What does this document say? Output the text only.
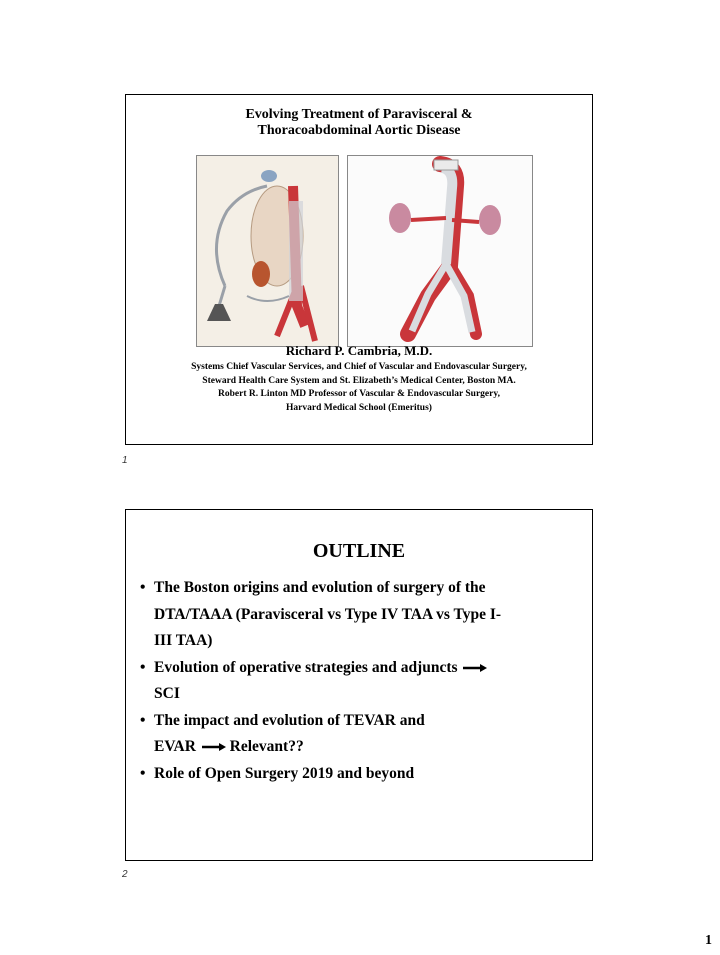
Evolving Treatment of Paravisceral &
Thoracoabdominal Aortic Disease
Richard P. Cambria, M.D.
Systems Chief Vascular Services, and Chief of Vascular and Endovascular Surgery,
Steward Health Care System and St. Elizabeth’s Medical Center, Boston MA.
Robert R. Linton MD Professor of Vascular & Endovascular Surgery,
Harvard Medical School (Emeritus)
1
OUTLINE
• The Boston origins and evolution of surgery of the
DTA/TAAA (Paravisceral vs Type IV TAA vs Type I-
III TAA)
• Evolution of operative strategies and adjuncts
SCI
• The impact and evolution of TEVAR and
EVAR Relevant??
• Role of Open Surgery 2019 and beyond
2
1
